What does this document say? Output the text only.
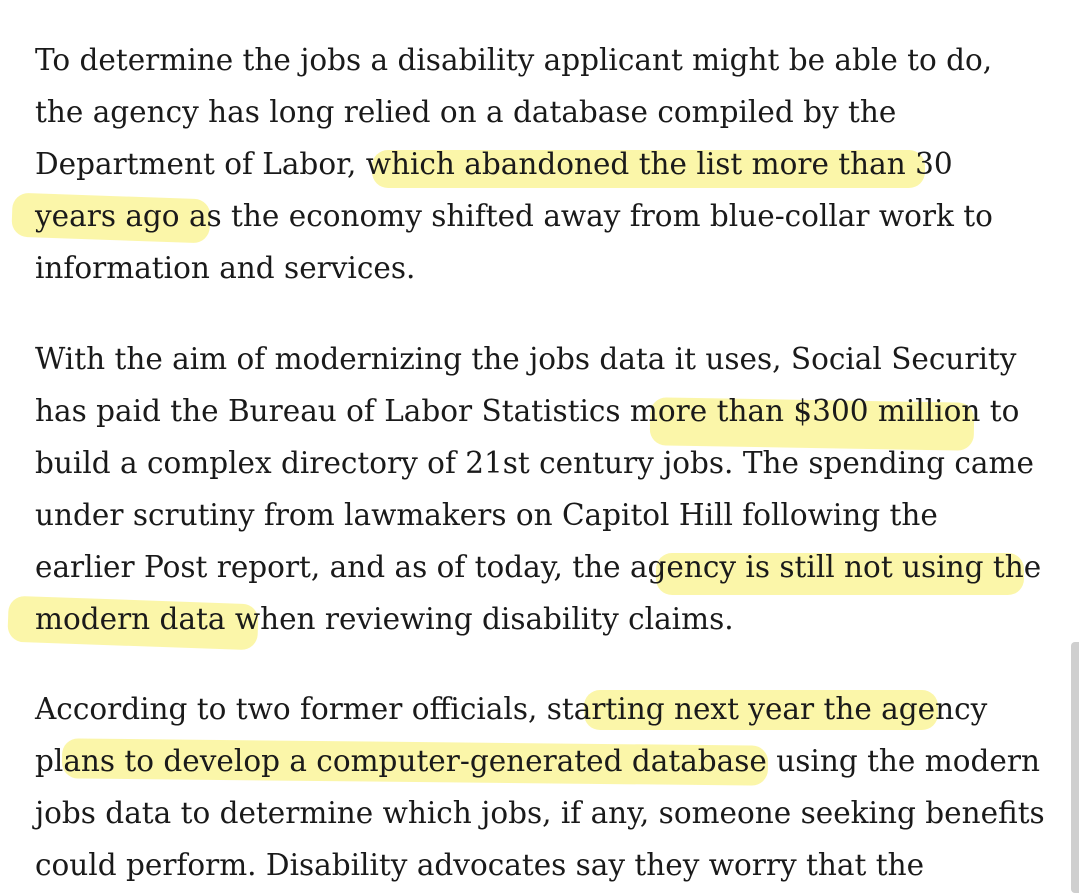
To determine the jobs a disability applicant might be able to do,
the agency has long relied on a database compiled by the
Department of Labor, which abandoned the list more than 30
years ago as the economy shifted away from blue-collar work to
information and services.
With the aim of modernizing the jobs data it uses, Social Security
has paid the Bureau of Labor Statistics more than $300 million to
build a complex directory of 21st century jobs. The spending came
under scrutiny from lawmakers on Capitol Hill following the
earlier Post report, and as of today, the agency is still not using the
modern data when reviewing disability claims.
According to two former officials, starting next year the agency
plans to develop a computer-generated database using the modern
jobs data to determine which jobs, if any, someone seeking benefits
could perform. Disability advocates say they worry that the
